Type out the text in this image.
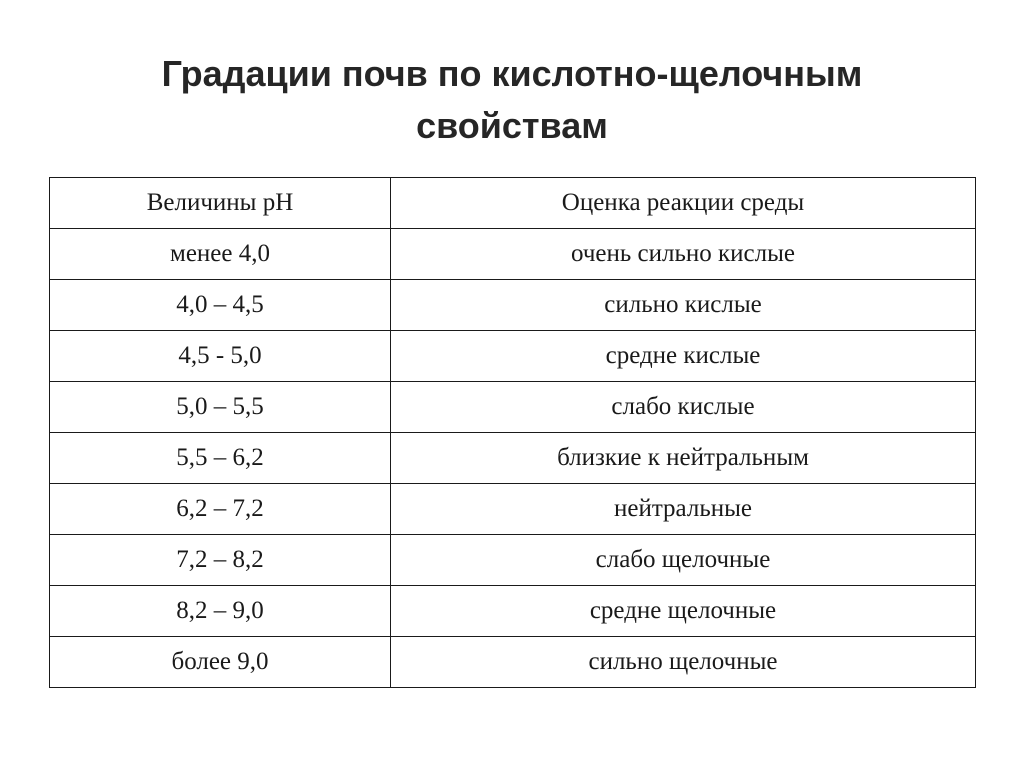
Градации почв по кислотно-щелочным
свойствам
Величины pH	Оценка реакции среды
менее 4,0	очень сильно кислые
4,0 – 4,5	сильно кислые
4,5 - 5,0	средне кислые
5,0 – 5,5	слабо кислые
5,5 – 6,2	близкие к нейтральным
6,2 – 7,2	нейтральные
7,2 – 8,2	слабо щелочные
8,2 – 9,0	средне щелочные
более 9,0	сильно щелочные
